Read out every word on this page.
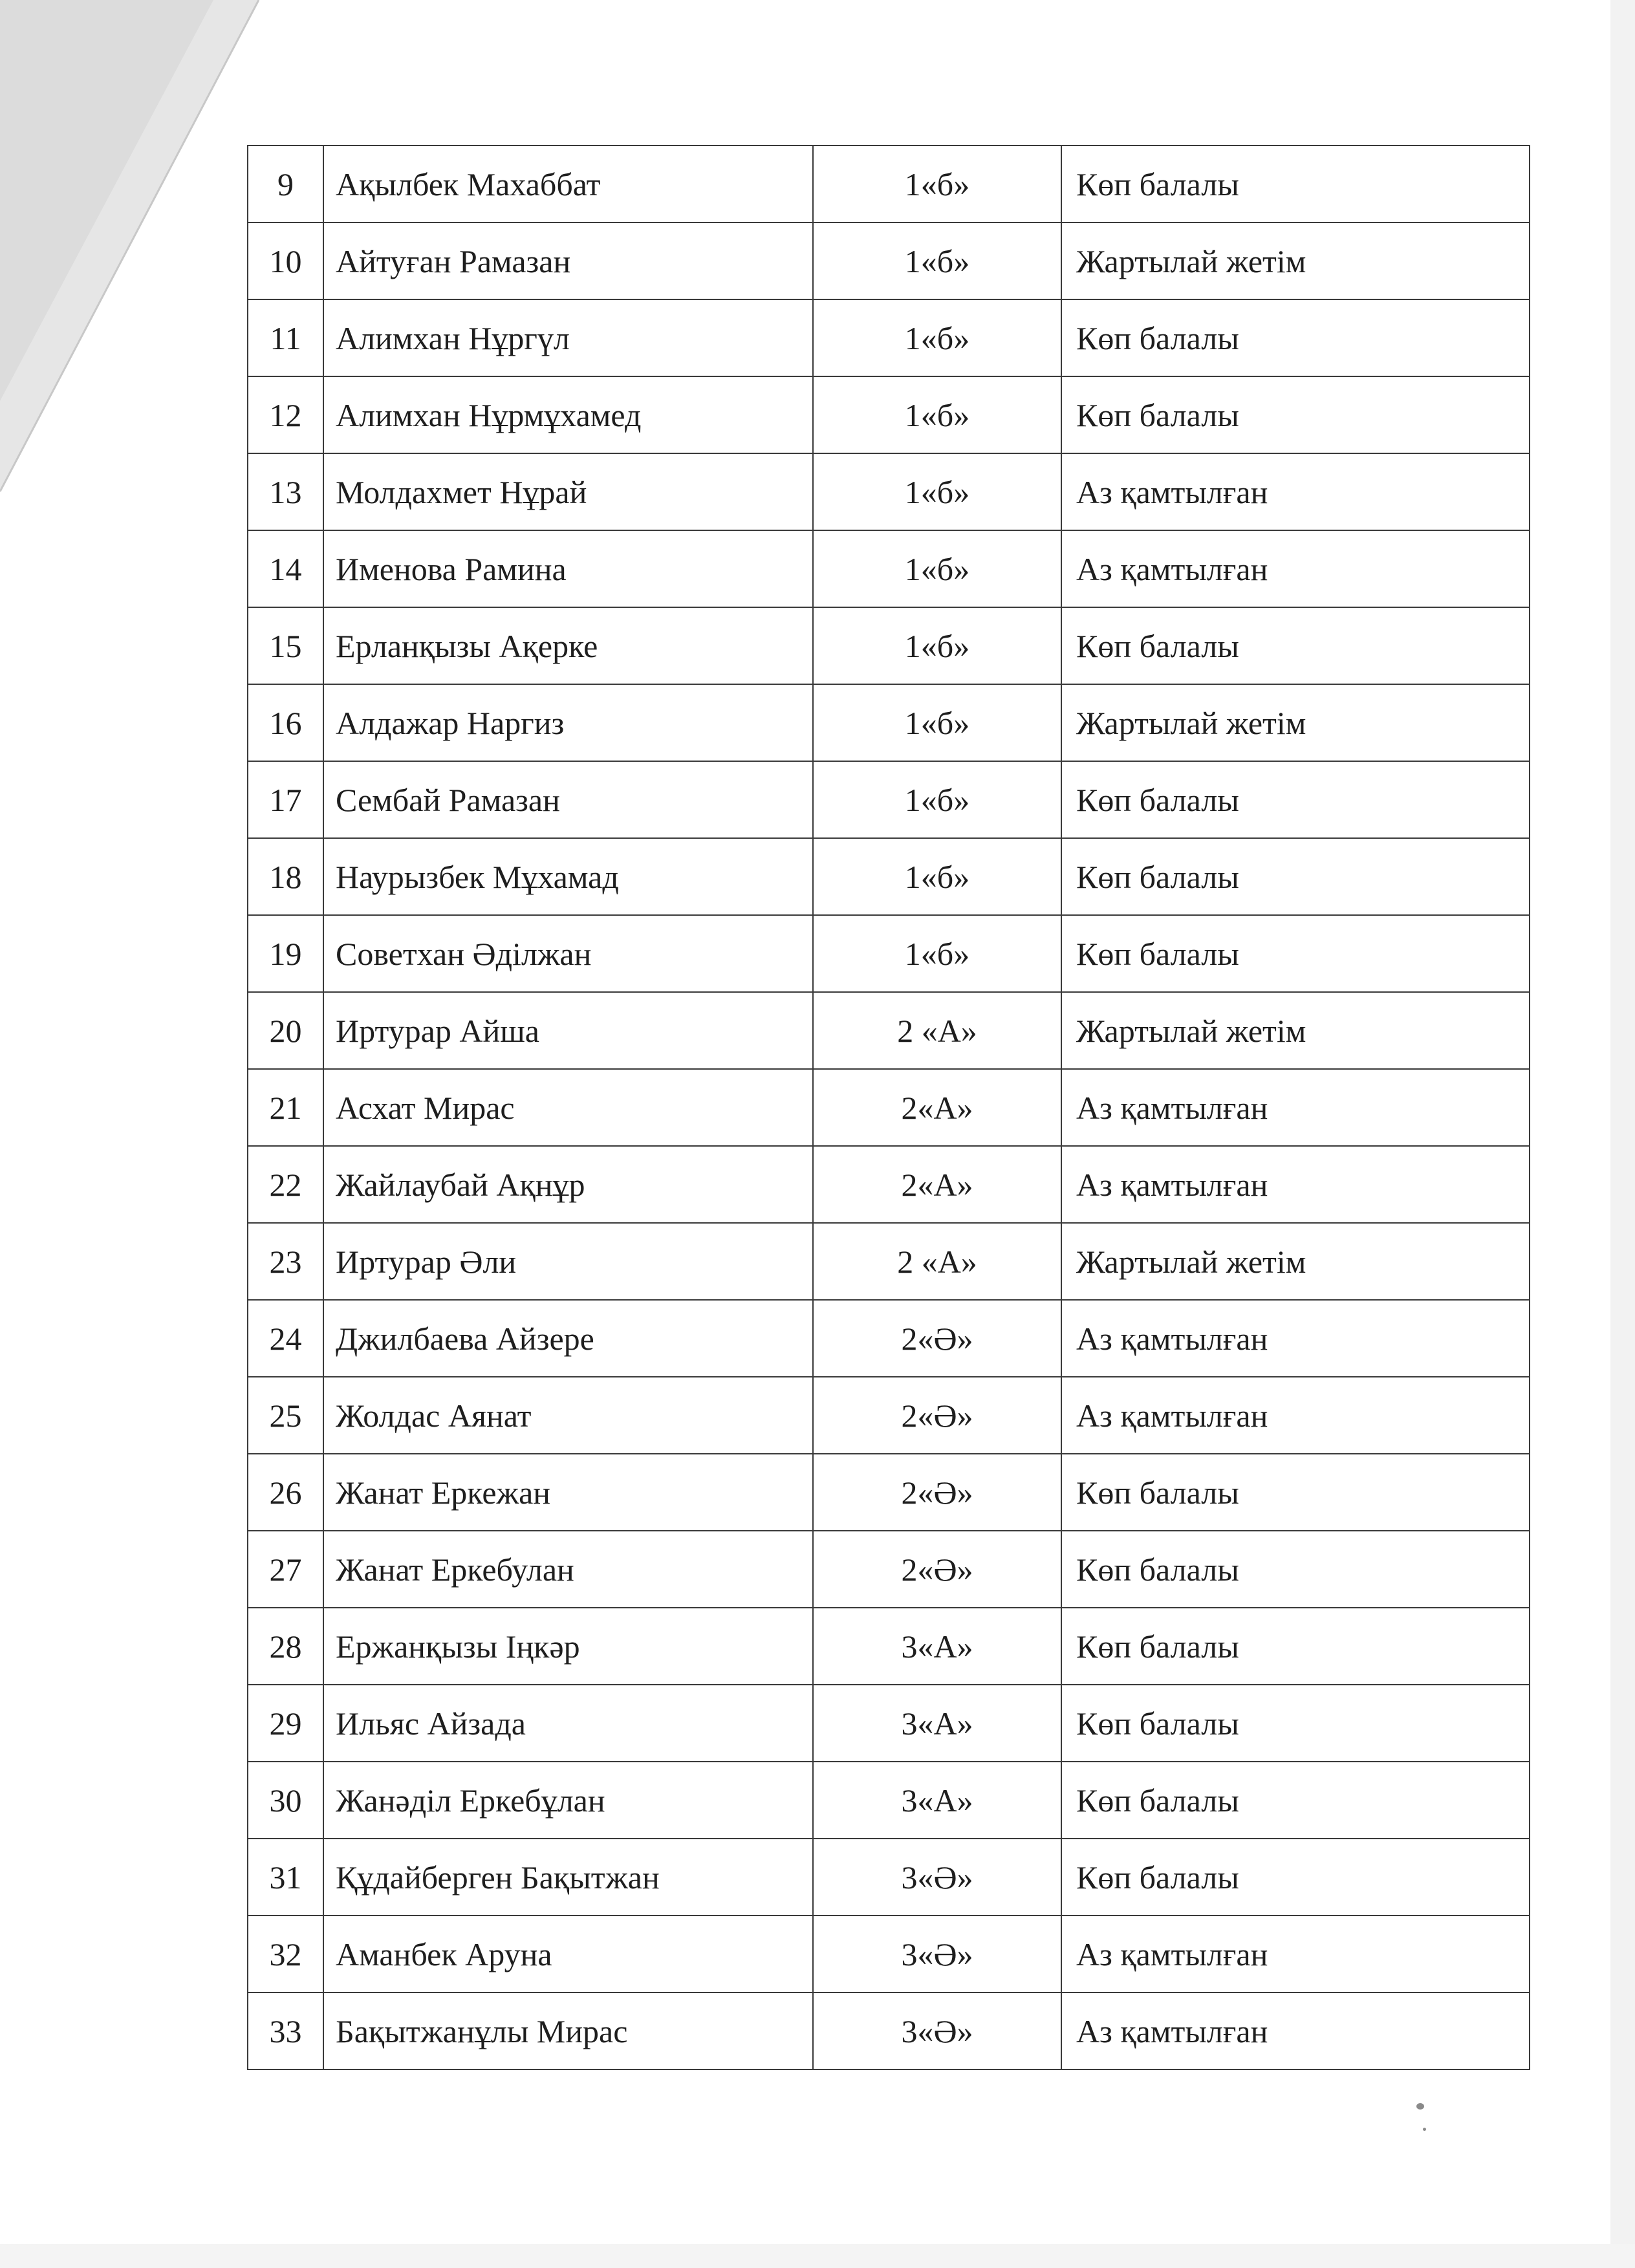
9	Ақылбек Махаббат	1«б»	Көп балалы
10	Айтуған Рамазан	1«б»	Жартылай жетім
11	Алимхан Нұргүл	1«б»	Көп балалы
12	Алимхан Нұрмұхамед	1«б»	Көп балалы
13	Молдахмет Нұрай	1«б»	Аз қамтылған
14	Именова Рамина	1«б»	Аз қамтылған
15	Ерланқызы Ақерке	1«б»	Көп балалы
16	Алдажар Наргиз	1«б»	Жартылай жетім
17	Сембай Рамазан	1«б»	Көп балалы
18	Наурызбек Мұхамад	1«б»	Көп балалы
19	Советхан Әділжан	1«б»	Көп балалы
20	Иртурар Айша	2 «А»	Жартылай жетім
21	Асхат Мирас	2«А»	Аз қамтылған
22	Жайлаубай Ақнұр	2«А»	Аз қамтылған
23	Иртурар Әли	2 «А»	Жартылай жетім
24	Джилбаева Айзере	2«Ә»	Аз қамтылған
25	Жолдас Аянат	2«Ә»	Аз қамтылған
26	Жанат Еркежан	2«Ә»	Көп балалы
27	Жанат Еркебулан	2«Ә»	Көп балалы
28	Ержанқызы Іңкәр	3«А»	Көп балалы
29	Ильяс Айзада	3«А»	Көп балалы
30	Жанәділ Еркебұлан	3«А»	Көп балалы
31	Құдайберген Бақытжан	3«Ә»	Көп балалы
32	Аманбек Аруна	3«Ә»	Аз қамтылған
33	Бақытжанұлы Мирас	3«Ә»	Аз қамтылған
